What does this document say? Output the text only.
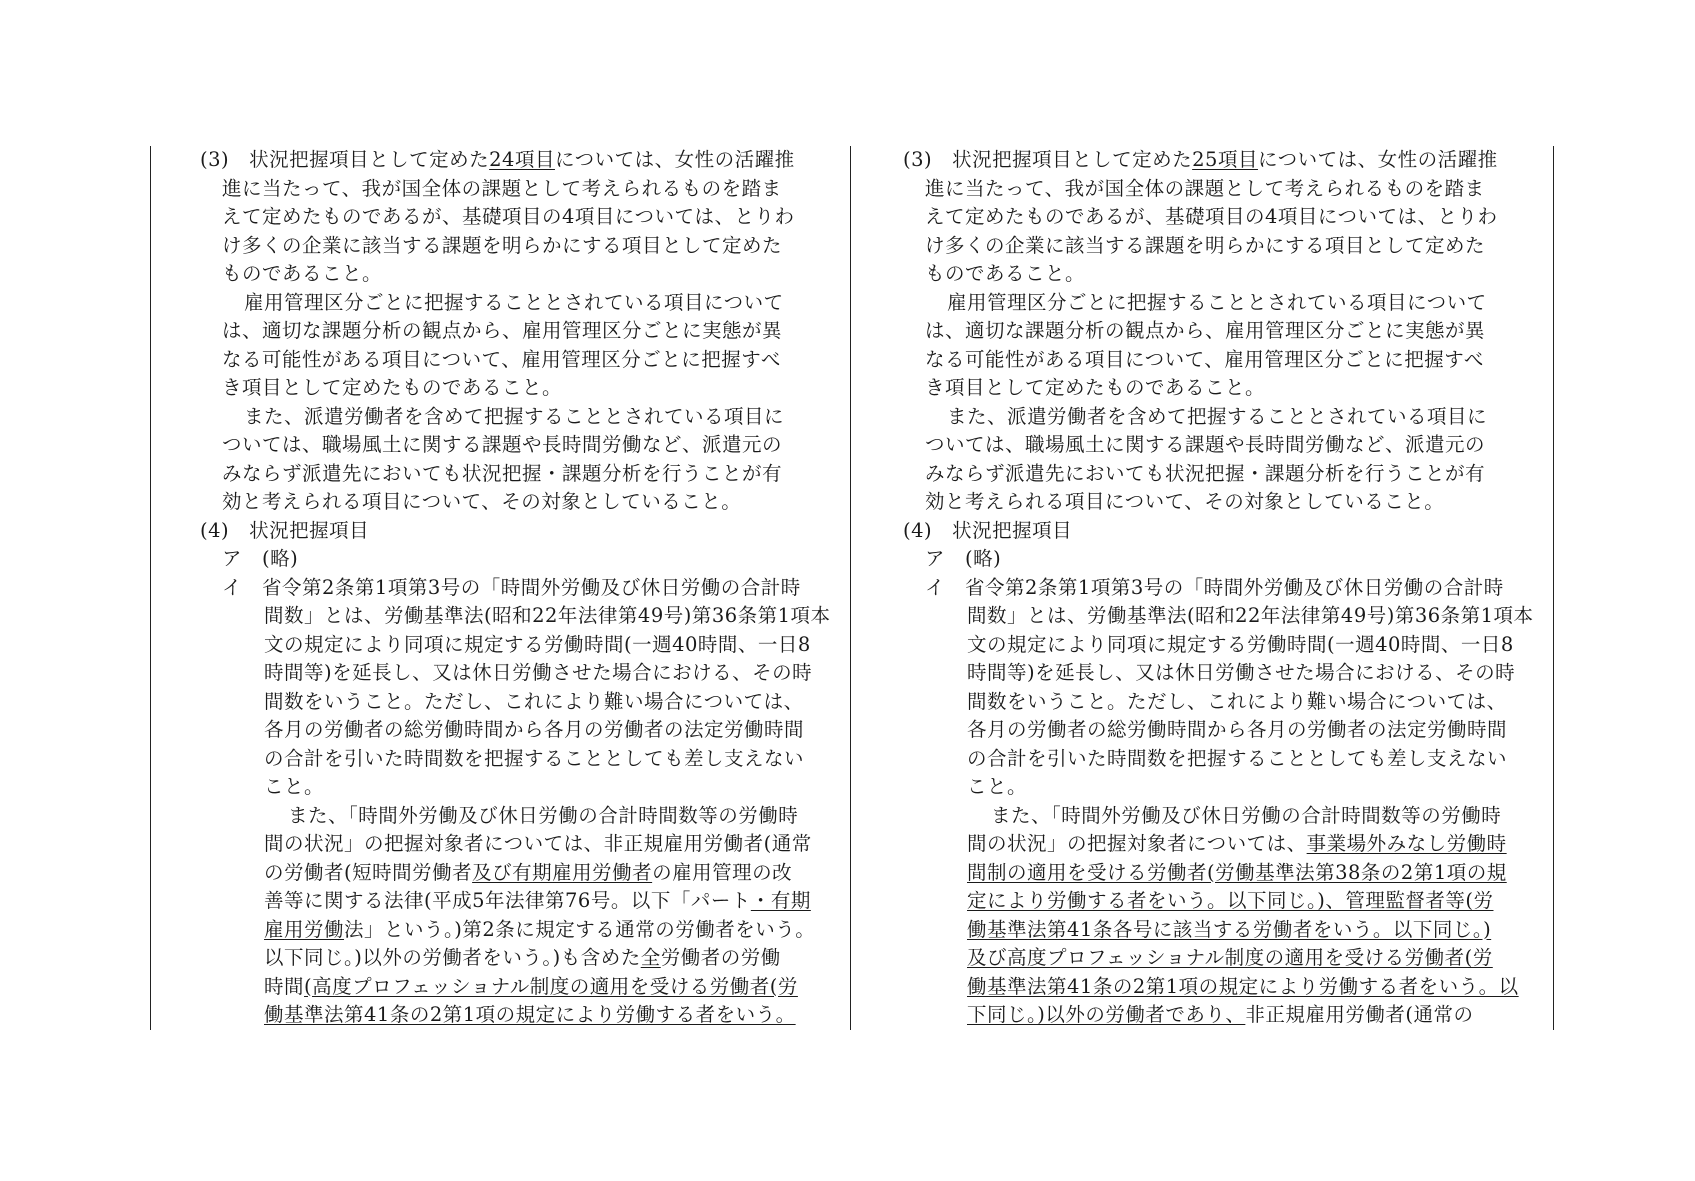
(3)　状況把握項目として定めた24項目については、女性の活躍推
進に当たって、我が国全体の課題として考えられるものを踏ま
えて定めたものであるが、基礎項目の4項目については、とりわ
け多くの企業に該当する課題を明らかにする項目として定めた
ものであること。
雇用管理区分ごとに把握することとされている項目について
は、適切な課題分析の観点から、雇用管理区分ごとに実態が異
なる可能性がある項目について、雇用管理区分ごとに把握すべ
き項目として定めたものであること。
また、派遣労働者を含めて把握することとされている項目に
ついては、職場風土に関する課題や長時間労働など、派遣元の
みならず派遣先においても状況把握・課題分析を行うことが有
効と考えられる項目について、その対象としていること。
(4)　状況把握項目
ア　(略)
イ　省令第2条第1項第3号の「時間外労働及び休日労働の合計時
間数」とは、労働基準法(昭和22年法律第49号)第36条第1項本
文の規定により同項に規定する労働時間(一週40時間、一日8
時間等)を延長し、又は休日労働させた場合における、その時
間数をいうこと。ただし、これにより難い場合については、
各月の労働者の総労働時間から各月の労働者の法定労働時間
の合計を引いた時間数を把握することとしても差し支えない
こと。
また、「時間外労働及び休日労働の合計時間数等の労働時
間の状況」の把握対象者については、非正規雇用労働者(通常
の労働者(短時間労働者及び有期雇用労働者の雇用管理の改
善等に関する法律(平成5年法律第76号。以下「パート・有期
雇用労働法」という。)第2条に規定する通常の労働者をいう。
以下同じ。)以外の労働者をいう。)も含めた全労働者の労働
時間(高度プロフェッショナル制度の適用を受ける労働者(労
働基準法第41条の2第1項の規定により労働する者をいう。
(3)　状況把握項目として定めた25項目については、女性の活躍推
進に当たって、我が国全体の課題として考えられるものを踏ま
えて定めたものであるが、基礎項目の4項目については、とりわ
け多くの企業に該当する課題を明らかにする項目として定めた
ものであること。
雇用管理区分ごとに把握することとされている項目について
は、適切な課題分析の観点から、雇用管理区分ごとに実態が異
なる可能性がある項目について、雇用管理区分ごとに把握すべ
き項目として定めたものであること。
また、派遣労働者を含めて把握することとされている項目に
ついては、職場風土に関する課題や長時間労働など、派遣元の
みならず派遣先においても状況把握・課題分析を行うことが有
効と考えられる項目について、その対象としていること。
(4)　状況把握項目
ア　(略)
イ　省令第2条第1項第3号の「時間外労働及び休日労働の合計時
間数」とは、労働基準法(昭和22年法律第49号)第36条第1項本
文の規定により同項に規定する労働時間(一週40時間、一日8
時間等)を延長し、又は休日労働させた場合における、その時
間数をいうこと。ただし、これにより難い場合については、
各月の労働者の総労働時間から各月の労働者の法定労働時間
の合計を引いた時間数を把握することとしても差し支えない
こと。
また、「時間外労働及び休日労働の合計時間数等の労働時
間の状況」の把握対象者については、事業場外みなし労働時
間制の適用を受ける労働者(労働基準法第38条の2第1項の規
定により労働する者をいう。以下同じ。)、管理監督者等(労
働基準法第41条各号に該当する労働者をいう。以下同じ。)
及び高度プロフェッショナル制度の適用を受ける労働者(労
働基準法第41条の2第1項の規定により労働する者をいう。以
下同じ。)以外の労働者であり、非正規雇用労働者(通常の
